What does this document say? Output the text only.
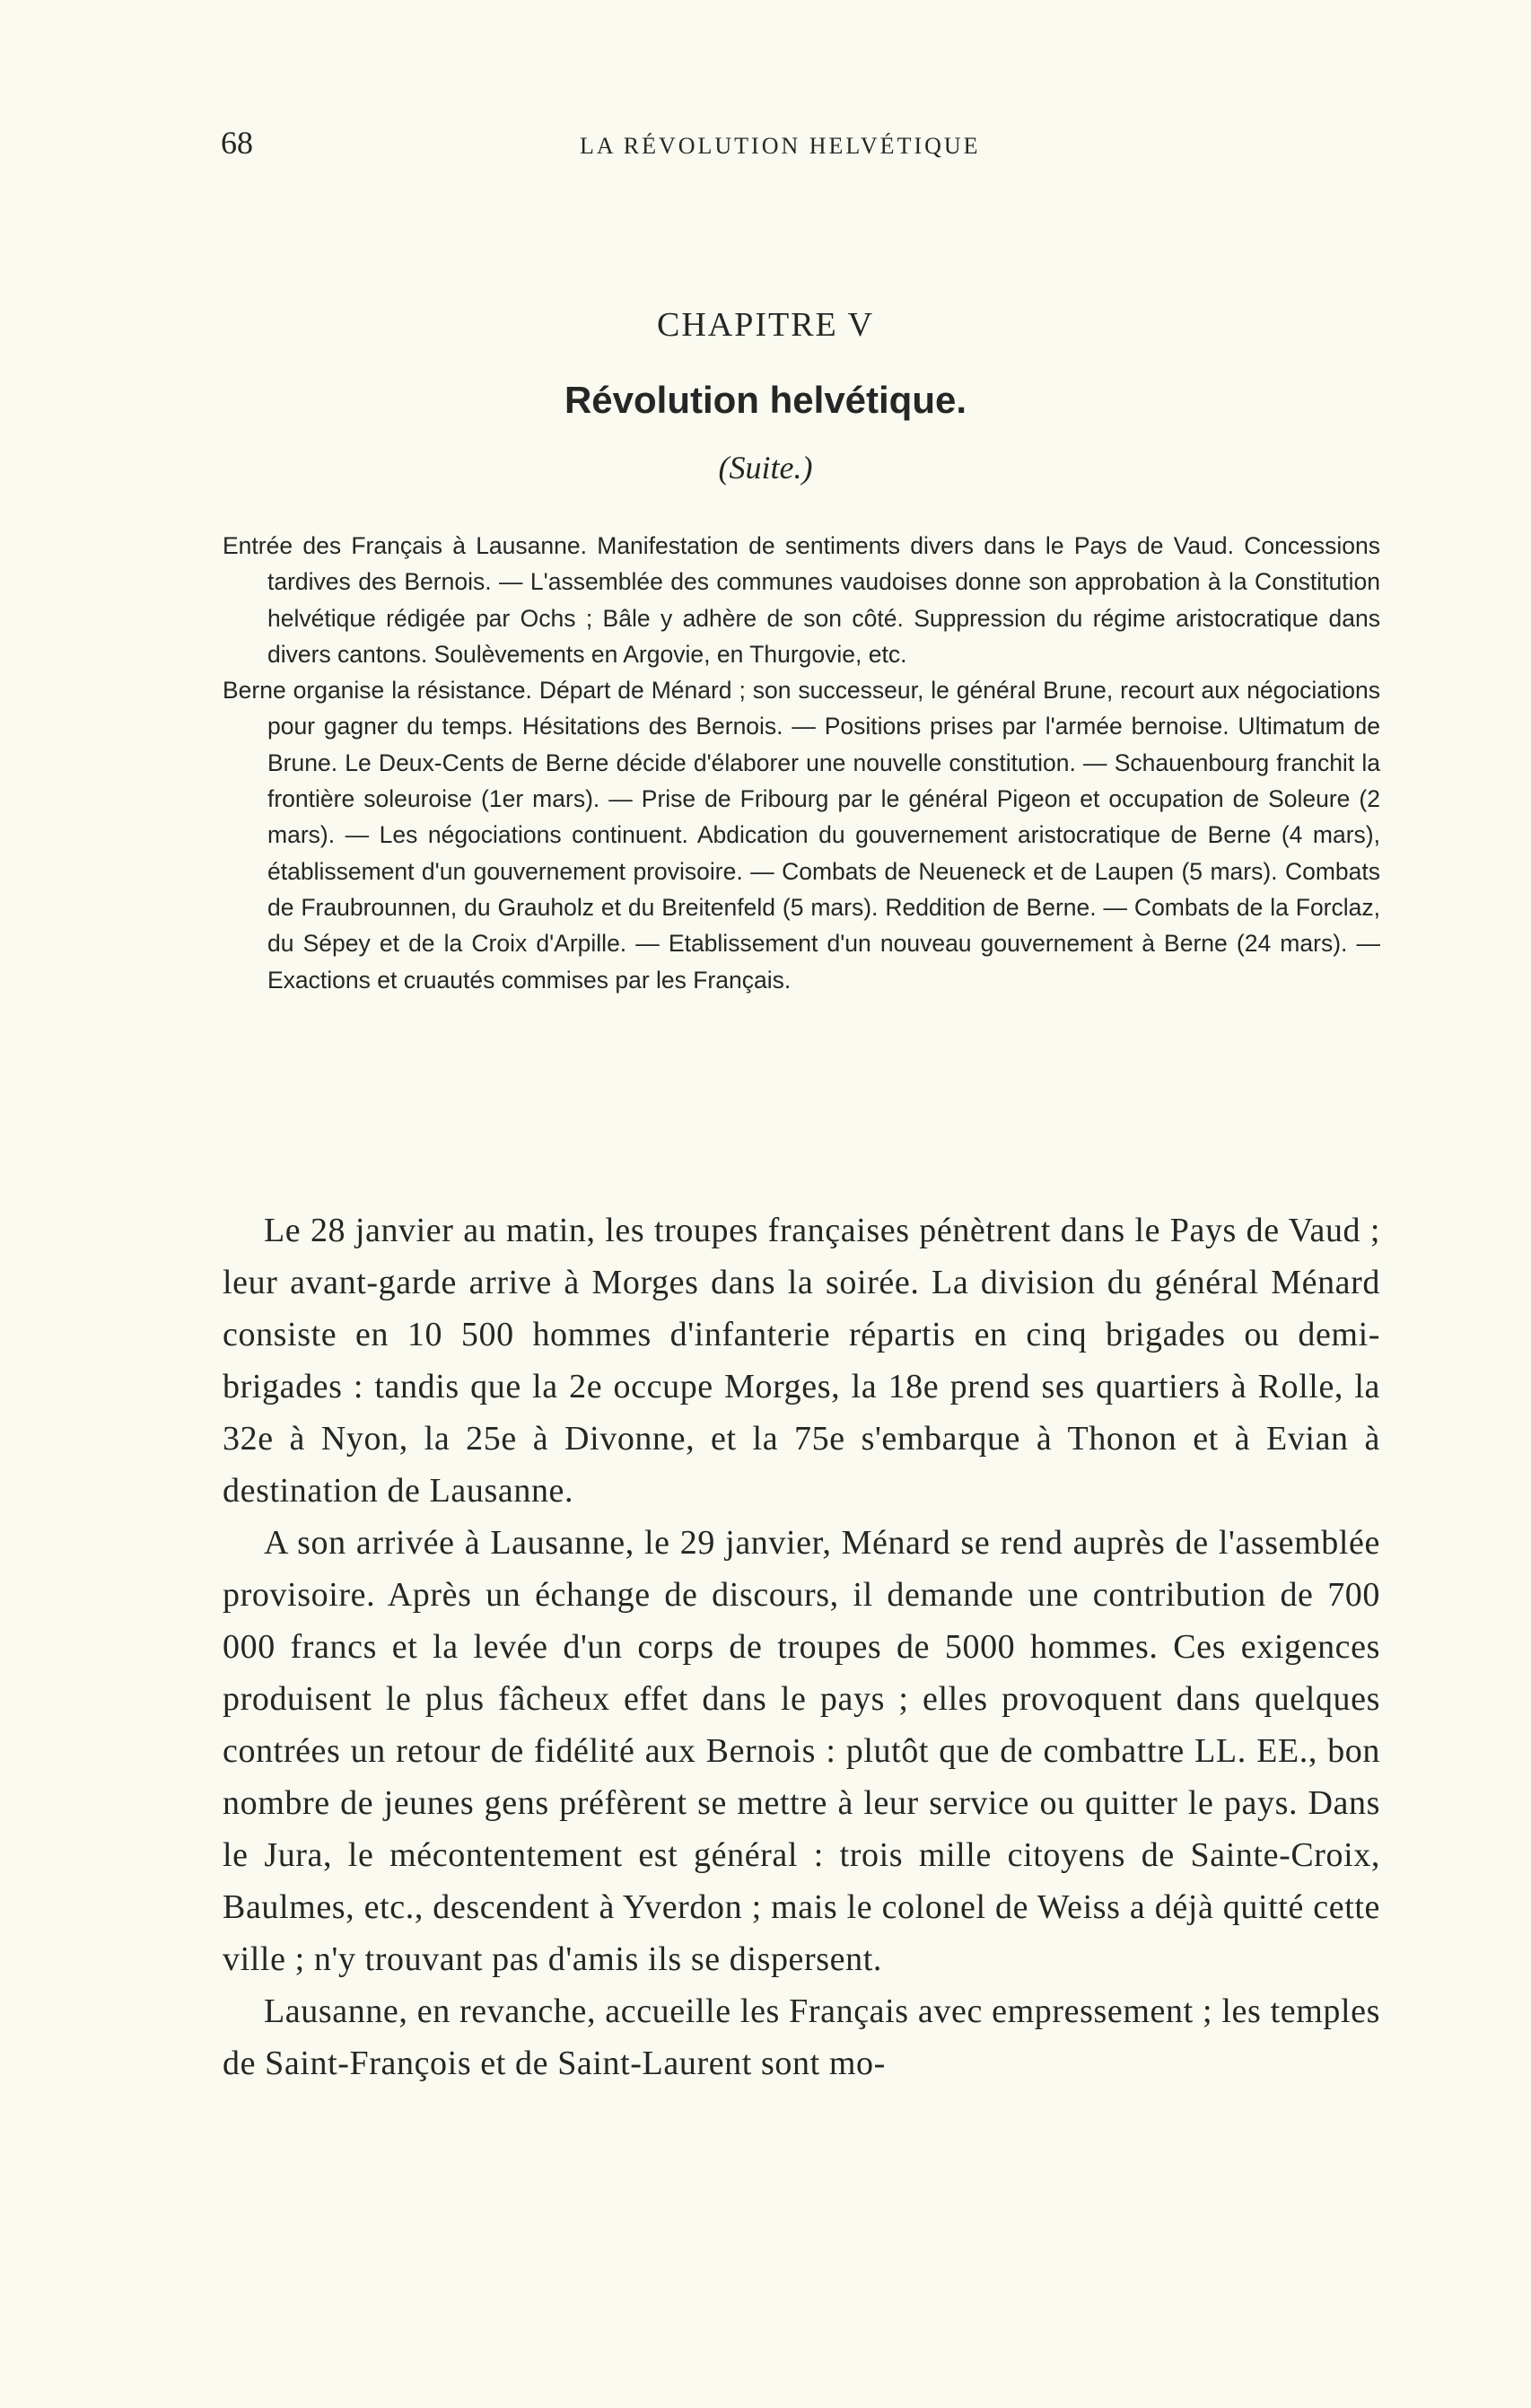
68	LA RÉVOLUTION HELVÉTIQUE
CHAPITRE V
Révolution helvétique.
(Suite.)

Entrée des Français à Lausanne. Manifestation de sentiments divers dans le Pays de Vaud. Concessions tardives des Bernois. — L'assemblée des communes vaudoises donne son approbation à la Constitution helvétique rédigée par Ochs ; Bâle y adhère de son côté. Suppression du régime aristocratique dans divers cantons. Soulèvements en Argovie, en Thurgovie, etc.

Berne organise la résistance. Départ de Ménard ; son successeur, le général Brune, recourt aux négociations pour gagner du temps. Hésitations des Bernois. — Positions prises par l'armée bernoise. Ultimatum de Brune. Le Deux-Cents de Berne décide d'élaborer une nouvelle constitution. — Schauenbourg franchit la frontière soleuroise (1er mars). — Prise de Fribourg par le général Pigeon et occupation de Soleure (2 mars). — Les négociations continuent. Abdication du gouvernement aristocratique de Berne (4 mars), établissement d'un gouvernement provisoire. — Combats de Neueneck et de Laupen (5 mars). Combats de Fraubrounnen, du Grauholz et du Breitenfeld (5 mars). Reddition de Berne. — Combats de la Forclaz, du Sépey et de la Croix d'Arpille. — Etablissement d'un nouveau gouvernement à Berne (24 mars). — Exactions et cruautés commises par les Français.

Le 28 janvier au matin, les troupes françaises pénètrent dans le Pays de Vaud ; leur avant-garde arrive à Morges dans la soirée. La division du général Ménard consiste en 10 500 hommes d'infanterie répartis en cinq brigades ou demi-brigades : tandis que la 2e occupe Morges, la 18e prend ses quartiers à Rolle, la 32e à Nyon, la 25e à Divonne, et la 75e s'embarque à Thonon et à Evian à destination de Lausanne.

A son arrivée à Lausanne, le 29 janvier, Ménard se rend auprès de l'assemblée provisoire. Après un échange de discours, il demande une contribution de 700 000 francs et la levée d'un corps de troupes de 5000 hommes. Ces exigences produisent le plus fâcheux effet dans le pays ; elles provoquent dans quelques contrées un retour de fidélité aux Bernois : plutôt que de combattre LL. EE., bon nombre de jeunes gens préfèrent se mettre à leur service ou quitter le pays. Dans le Jura, le mécontentement est général : trois mille citoyens de Sainte-Croix, Baulmes, etc., descendent à Yverdon ; mais le colonel de Weiss a déjà quitté cette ville ; n'y trouvant pas d'amis ils se dispersent.

Lausanne, en revanche, accueille les Français avec empressement ; les temples de Saint-François et de Saint-Laurent sont mo-
